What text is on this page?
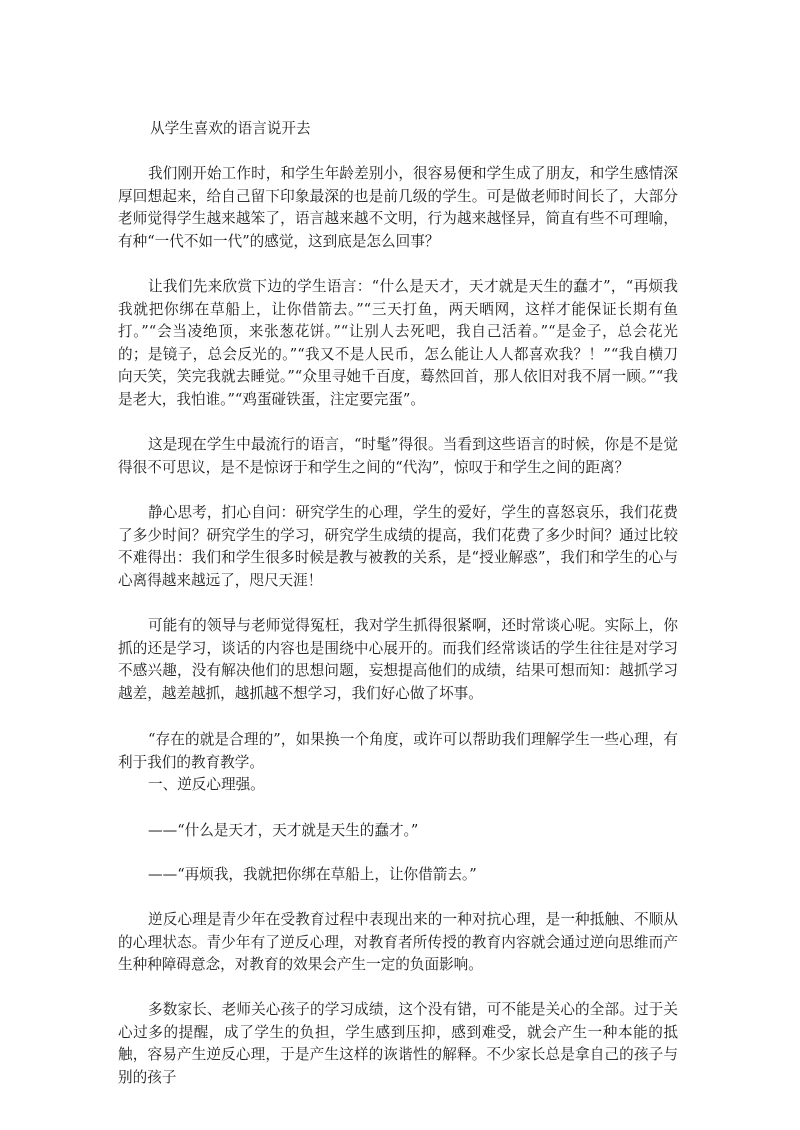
从学生喜欢的语言说开去

我们刚开始工作时，和学生年龄差别小，很容易便和学生成了朋友，和学生感情深厚回想起来，给自己留下印象最深的也是前几级的学生。可是做老师时间长了，大部分老师觉得学生越来越笨了，语言越来越不文明，行为越来越怪异，简直有些不可理喻，有种“一代不如一代”的感觉，这到底是怎么回事？

让我们先来欣赏下边的学生语言：“什么是天才，天才就是天生的蠢才”，“再烦我我就把你绑在草船上，让你借箭去。”“三天打鱼，两天晒网，这样才能保证长期有鱼打。”“会当凌绝顶，来张葱花饼。”“让别人去死吧，我自己活着。”“是金子，总会花光的；是镜子，总会反光的。”“我又不是人民币，怎么能让人人都喜欢我？！”“我自横刀向天笑，笑完我就去睡觉。”“众里寻她千百度，蓦然回首，那人依旧对我不屑一顾。”“我是老大，我怕谁。”“鸡蛋碰铁蛋，注定要完蛋”。

这是现在学生中最流行的语言，“时髦”得很。当看到这些语言的时候，你是不是觉得很不可思议，是不是惊讶于和学生之间的“代沟”，惊叹于和学生之间的距离？

静心思考，扪心自问：研究学生的心理，学生的爱好，学生的喜怒哀乐，我们花费了多少时间？研究学生的学习，研究学生成绩的提高，我们花费了多少时间？通过比较不难得出：我们和学生很多时候是教与被教的关系，是“授业解惑”，我们和学生的心与心离得越来越远了，咫尺天涯！

可能有的领导与老师觉得冤枉，我对学生抓得很紧啊，还时常谈心呢。实际上，你抓的还是学习，谈话的内容也是围绕中心展开的。而我们经常谈话的学生往往是对学习不感兴趣，没有解决他们的思想问题，妄想提高他们的成绩，结果可想而知：越抓学习越差，越差越抓，越抓越不想学习，我们好心做了坏事。

“存在的就是合理的”，如果换一个角度，或许可以帮助我们理解学生一些心理，有利于我们的教育教学。

一、逆反心理强。

——“什么是天才，天才就是天生的蠢才。”

——“再烦我，我就把你绑在草船上，让你借箭去。”

逆反心理是青少年在受教育过程中表现出来的一种对抗心理，是一种抵触、不顺从的心理状态。青少年有了逆反心理，对教育者所传授的教育内容就会通过逆向思维而产生种种障碍意念，对教育的效果会产生一定的负面影响。

多数家长、老师关心孩子的学习成绩，这个没有错，可不能是关心的全部。过于关心过多的提醒，成了学生的负担，学生感到压抑，感到难受，就会产生一种本能的抵触，容易产生逆反心理，于是产生这样的诙谐性的解释。不少家长总是拿自己的孩子与别的孩子
